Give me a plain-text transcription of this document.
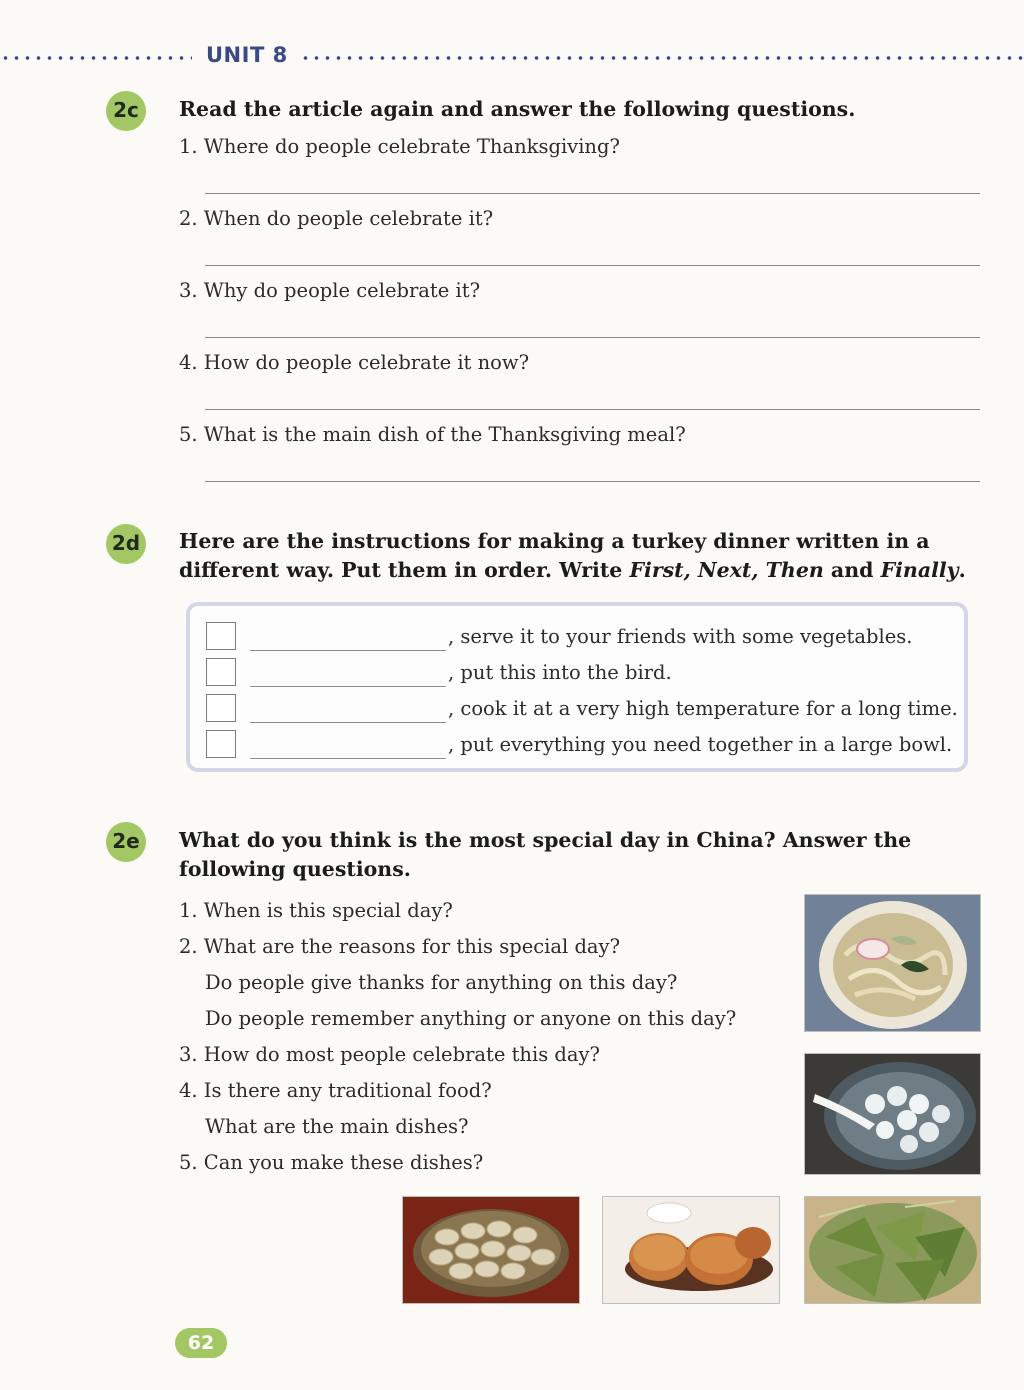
UNIT 8
2c	Read the article again and answer the following questions.
1. Where do people celebrate Thanksgiving?
2. When do people celebrate it?
3. Why do people celebrate it?
4. How do people celebrate it now?
5. What is the main dish of the Thanksgiving meal?
2d Here are the instructions for making a turkey dinner written in a
different way. Put them in order. Write First, Next, Then and Finally.
, serve it to your friends with some vegetables.
, put this into the bird.
, cook it at a very high temperature for a long time.
, put everything you need together in a large bowl.
2e	What do you think is the most special day in China? Answer the
following questions.
1. When is this special day?
2. What are the reasons for this special day?
Do people give thanks for anything on this day?
Do people remember anything or anyone on this day?
3. How do most people celebrate this day?
4. Is there any traditional food?
What are the main dishes?
5. Can you make these dishes?
62
